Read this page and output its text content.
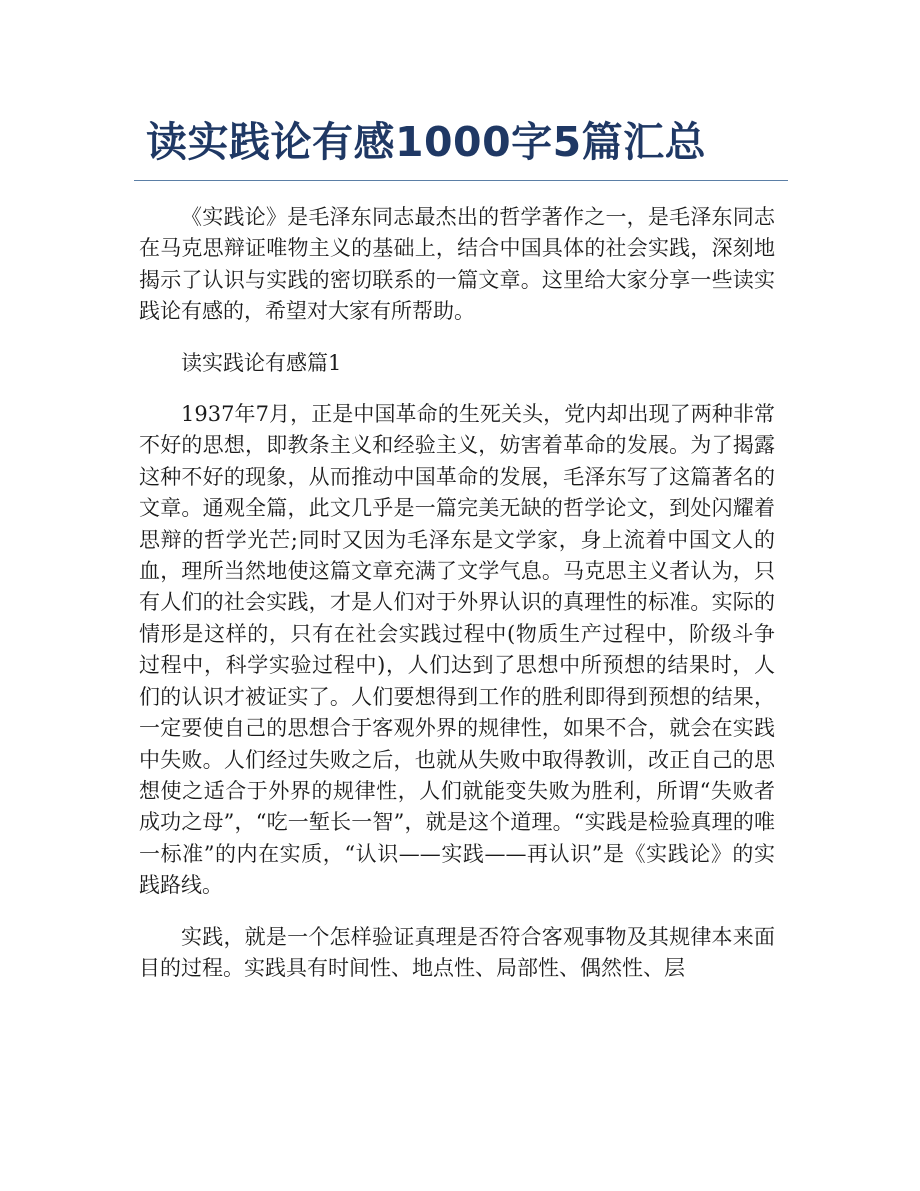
读实践论有感1000字5篇汇总

《实践论》是毛泽东同志最杰出的哲学著作之一，是毛泽东同志在马克思辩证唯物主义的基础上，结合中国具体的社会实践，深刻地揭示了认识与实践的密切联系的一篇文章。这里给大家分享一些读实践论有感的，希望对大家有所帮助。

读实践论有感篇1

1937年7月，正是中国革命的生死关头，党内却出现了两种非常不好的思想，即教条主义和经验主义，妨害着革命的发展。为了揭露这种不好的现象，从而推动中国革命的发展，毛泽东写了这篇著名的文章。通观全篇，此文几乎是一篇完美无缺的哲学论文，到处闪耀着思辩的哲学光芒;同时又因为毛泽东是文学家，身上流着中国文人的血，理所当然地使这篇文章充满了文学气息。马克思主义者认为，只有人们的社会实践，才是人们对于外界认识的真理性的标准。实际的情形是这样的，只有在社会实践过程中(物质生产过程中，阶级斗争过程中，科学实验过程中)，人们达到了思想中所预想的结果时，人们的认识才被证实了。人们要想得到工作的胜利即得到预想的结果，一定要使自己的思想合于客观外界的规律性，如果不合，就会在实践中失败。人们经过失败之后，也就从失败中取得教训，改正自己的思想使之适合于外界的规律性，人们就能变失败为胜利，所谓“失败者成功之母”，“吃一堑长一智”，就是这个道理。“实践是检验真理的唯一标准”的内在实质，“认识——实践——再认识”是《实践论》的实践路线。

实践，就是一个怎样验证真理是否符合客观事物及其规律本来面目的过程。实践具有时间性、地点性、局部性、偶然性、层
